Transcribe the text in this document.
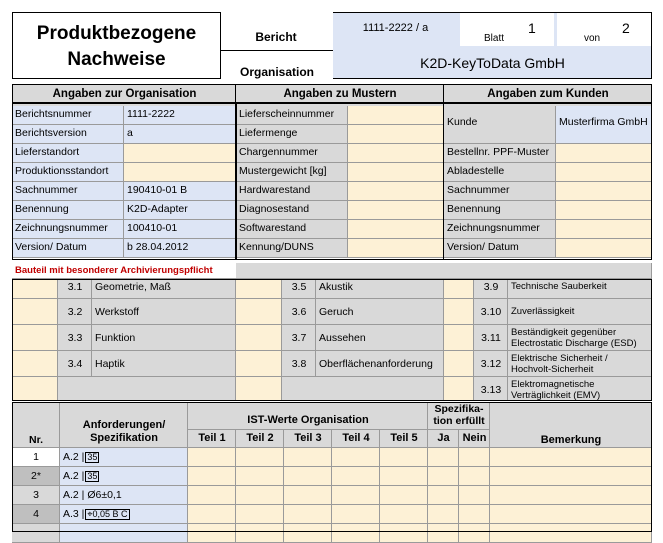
Produktbezogene
Nachweise
Bericht
Organisation
1111-2222 / a
Blatt
1
von
2
K2D-KeyToData GmbH
Angaben zur Organisation	Angaben zu Mustern	Angaben zum Kunden
Berichtsnummer	1111-2222
Berichtsversion	a
Lieferstandort
Produktionsstandort
Sachnummer	190410-01 B
Benennung	K2D-Adapter
Zeichnungsnummer	100410-01
Version/ Datum	b 28.04.2012
Lieferscheinnummer
Liefermenge
Chargennummer
Mustergewicht [kg]
Hardwarestand
Diagnosestand
Softwarestand
Kennung/DUNS
Kunde	Musterfirma GmbH
Bestellnr. PPF-Muster
Abladestelle
Sachnummer
Benennung
Zeichnungsnummer
Version/ Datum
Bauteil mit besonderer Archivierungspflicht
3.1	Geometrie, Maß
3.2	Werkstoff
3.3	Funktion
3.4	Haptik
3.5	Akustik
3.6	Geruch
3.7	Aussehen
3.8	Oberflächenanforderung
3.9	Technische Sauberkeit
3.10	Zuverlässigkeit
3.11	Beständigkeit gegenüber
Electrostatic Discharge (ESD)
3.12	Elektrische Sicherheit /
Hochvolt-Sicherheit
3.13	Elektromagnetische
Verträglichkeit (EMV)
Nr.
Anforderungen/
Spezifikation
IST-Werte Organisation
Teil 1	Teil 2	Teil 3	Teil 4	Teil 5
Spezifika-
tion erfüllt
Ja	Nein	Bemerkung
1	A.2 | 35
2*	A.2 | 35
3	A.2 | Ø6±0,1
4	A.3 | ⌖0,05 B C
